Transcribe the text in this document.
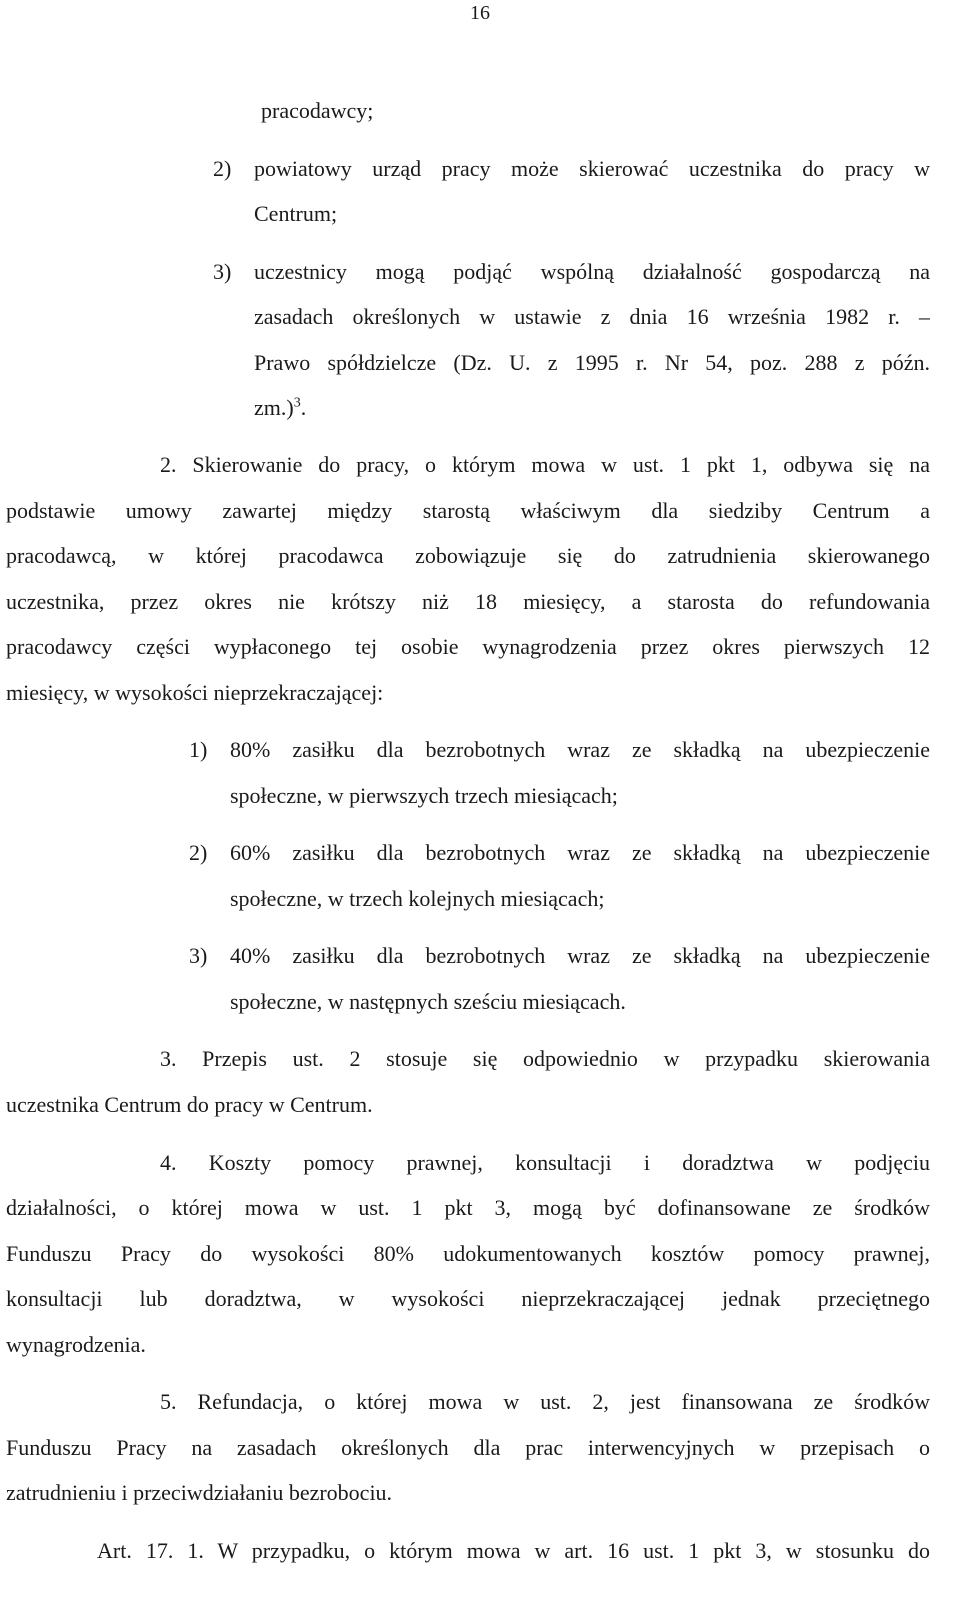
16
pracodawcy;
2) powiatowy urząd pracy może skierować uczestnika do pracy w
Centrum;
3) uczestnicy mogą podjąć wspólną działalność gospodarczą na
zasadach określonych w ustawie z dnia 16 września 1982 r. –
Prawo spółdzielcze (Dz. U. z 1995 r. Nr 54, poz. 288 z późn.
zm.)$^3$.
2. Skierowanie do pracy, o którym mowa w ust. 1 pkt 1, odbywa się na
podstawie umowy zawartej między starostą właściwym dla siedziby Centrum a
pracodawcą, w której pracodawca zobowiązuje się do zatrudnienia skierowanego
uczestnika, przez okres nie krótszy niż 18 miesięcy, a starosta do refundowania
pracodawcy części wypłaconego tej osobie wynagrodzenia przez okres pierwszych 12
miesięcy, w wysokości nieprzekraczającej:
1) 80% zasiłku dla bezrobotnych wraz ze składką na ubezpieczenie
społeczne, w pierwszych trzech miesiącach;
2) 60% zasiłku dla bezrobotnych wraz ze składką na ubezpieczenie
społeczne, w trzech kolejnych miesiącach;
3) 40% zasiłku dla bezrobotnych wraz ze składką na ubezpieczenie
społeczne, w następnych sześciu miesiącach.
3. Przepis ust. 2 stosuje się odpowiednio w przypadku skierowania
uczestnika Centrum do pracy w Centrum.
4. Koszty pomocy prawnej, konsultacji i doradztwa w podjęciu
działalności, o której mowa w ust. 1 pkt 3, mogą być dofinansowane ze środków
Funduszu Pracy do wysokości 80% udokumentowanych kosztów pomocy prawnej,
konsultacji lub doradztwa, w wysokości nieprzekraczającej jednak przeciętnego
wynagrodzenia.
5. Refundacja, o której mowa w ust. 2, jest finansowana ze środków
Funduszu Pracy na zasadach określonych dla prac interwencyjnych w przepisach o
zatrudnieniu i przeciwdziałaniu bezrobociu.
Art. 17. 1. W przypadku, o którym mowa w art. 16 ust. 1 pkt 3, w stosunku do
